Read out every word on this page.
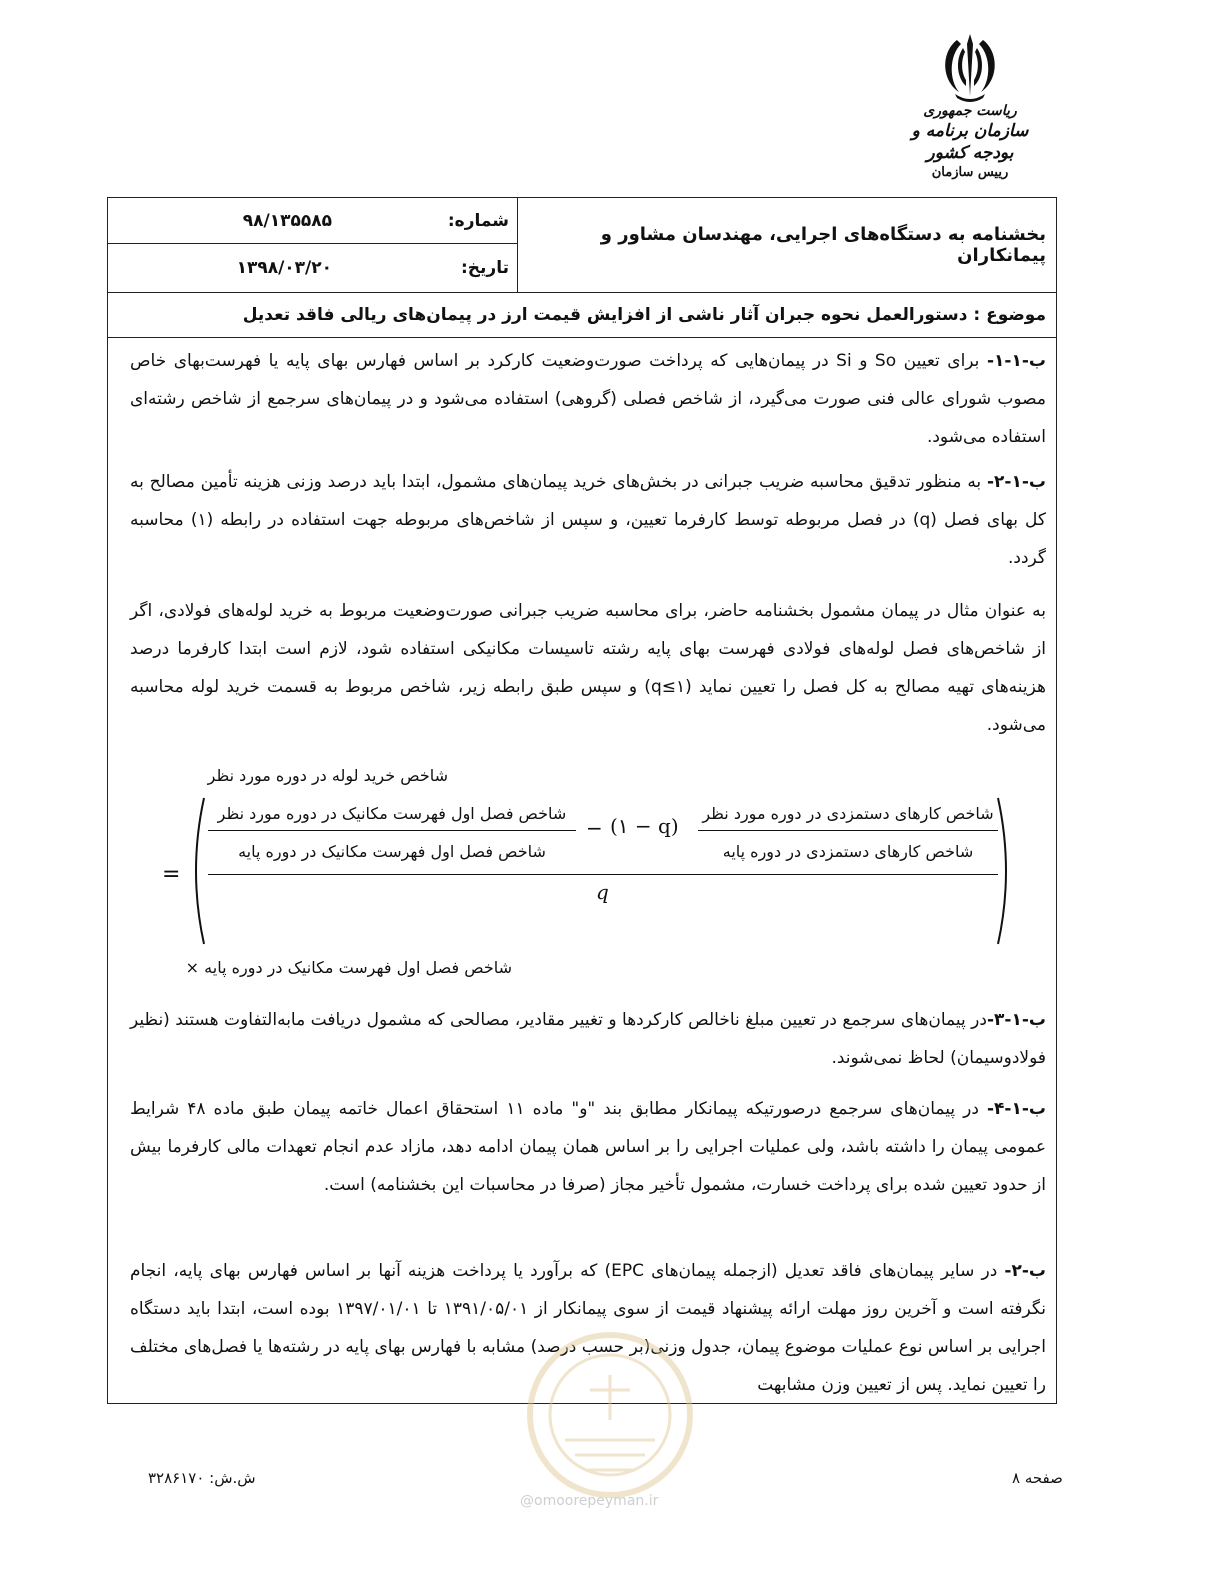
ریاست جمهوری
سازمان برنامه و بودجه کشور
رییس سازمان
بخشنامه به دستگاه‌های اجرایی، مهندسان مشاور و پیمانکاران
شماره:
۹۸/۱۳۵۵۸۵
تاریخ:
۱۳۹۸/۰۳/۲۰
موضوع : دستورالعمل نحوه جبران آثار ناشی از افزایش قیمت ارز در پیمان‌های ریالی فاقد تعدیل
ب-۱-۱- برای تعیین So و Si در پیمان‌هایی که پرداخت صورت‌وضعیت کارکرد بر اساس فهارس بهای پایه یا فهرست‌بهای خاص مصوب شورای عالی فنی صورت می‌گیرد، از شاخص فصلی (گروهی) استفاده می‌شود و در پیمان‌های سرجمع از شاخص رشته‌ای استفاده می‌شود.
ب-۱-۲- به منظور تدقیق محاسبه ضریب جبرانی در بخش‌های خرید پیمان‌های مشمول، ابتدا باید درصد وزنی هزینه تأمین مصالح به کل بهای فصل (q) در فصل مربوطه توسط کارفرما تعیین، و سپس از شاخص‌های مربوطه جهت استفاده در رابطه (۱) محاسبه گردد.
به عنوان مثال در پیمان مشمول بخشنامه حاضر، برای محاسبه ضریب جبرانی صورت‌وضعیت مربوط به خرید لوله‌های فولادی، اگر از شاخص‌های فصل لوله‌های فولادی فهرست بهای پایه رشته تاسیسات مکانیکی استفاده شود، لازم است ابتدا کارفرما درصد هزینه‌های تهیه مصالح به کل فصل را تعیین نماید (q≤۱) و سپس طبق رابطه زیر، شاخص مربوط به قسمت خرید لوله محاسبه می‌شود.
شاخص خرید لوله در دوره مورد نظر
=
شاخص فصل اول فهرست مکانیک در دوره مورد نظر
شاخص فصل اول فهرست مکانیک در دوره پایه
− (۱ − q)
شاخص کارهای دستمزدی در دوره مورد نظر
شاخص کارهای دستمزدی در دوره پایه
q
شاخص فصل اول فهرست مکانیک در دوره پایه ×
ب-۱-۳-در پیمان‌های سرجمع در تعیین مبلغ ناخالص کارکردها و تغییر مقادیر، مصالحی که مشمول دریافت مابه‌التفاوت هستند (نظیر فولادوسیمان) لحاظ نمی‌شوند.
ب-۱-۴- در پیمان‌های سرجمع درصورتیکه پیمانکار مطابق بند "و" ماده ۱۱ استحقاق اعمال خاتمه پیمان طبق ماده ۴۸ شرایط عمومی پیمان را داشته باشد، ولی عملیات اجرایی را بر اساس همان پیمان ادامه دهد، مازاد عدم انجام تعهدات مالی کارفرما بیش از حدود تعیین شده برای پرداخت خسارت، مشمول تأخیر مجاز (صرفا در محاسبات این بخشنامه) است.
ب-۲- در سایر پیمان‌های فاقد تعدیل (ازجمله پیمان‌های EPC) که برآورد یا پرداخت هزینه آنها بر اساس فهارس بهای پایه، انجام نگرفته است و آخرین روز مهلت ارائه پیشنهاد قیمت از سوی پیمانکار از ۱۳۹۱/۰۵/۰۱ تا ۱۳۹۷/۰۱/۰۱ بوده است، ابتدا باید دستگاه اجرایی بر اساس نوع عملیات موضوع پیمان، جدول وزنی(بر حسب درصد) مشابه با فهارس بهای پایه در رشته‌ها یا فصل‌های مختلف را تعیین نماید. پس از تعیین وزن مشابهت
صفحه ۸
ش.ش: ۳۲۸۶۱۷۰
@omoorepeyman.ir
